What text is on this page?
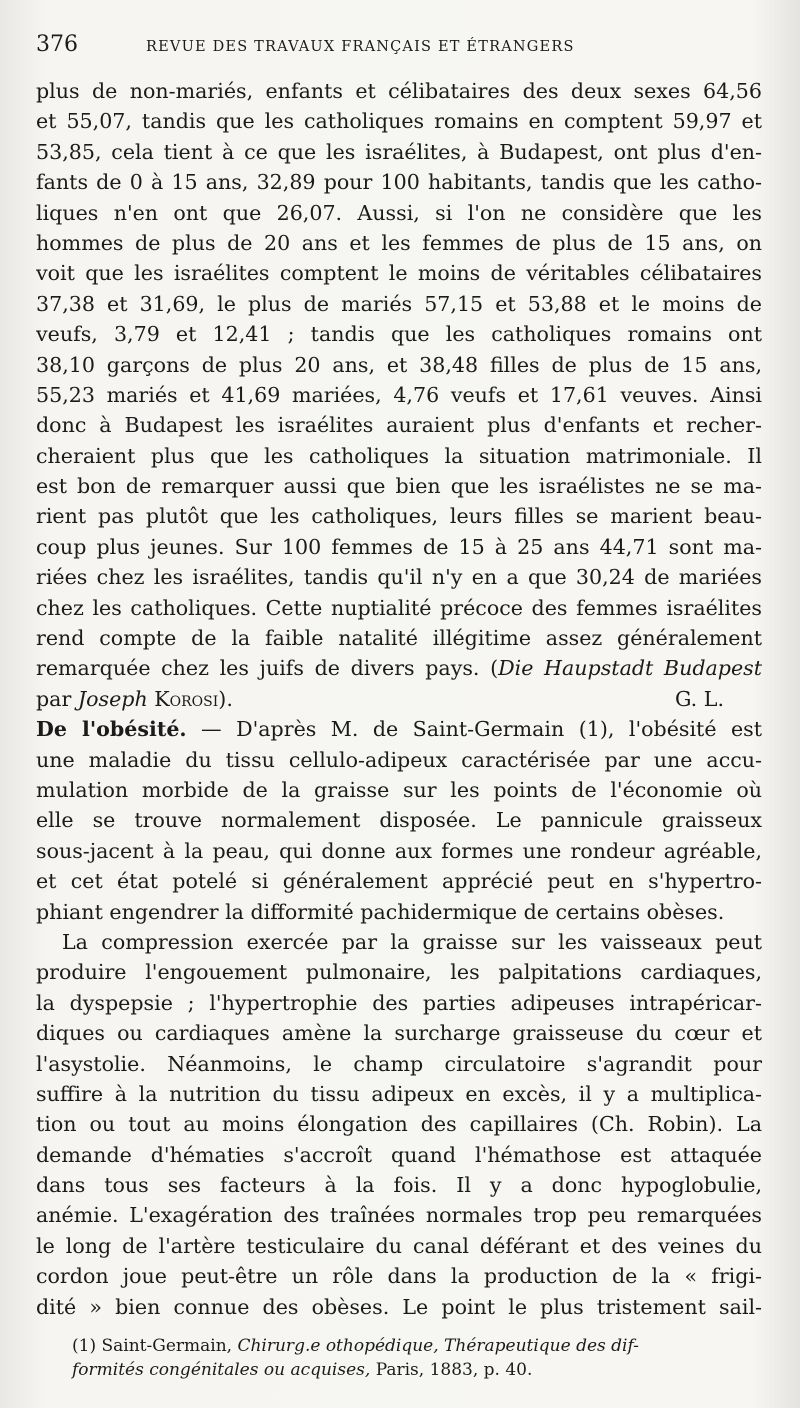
376	REVUE DES TRAVAUX FRANÇAIS ET ÉTRANGERS
plus de non-mariés, enfants et célibataires des deux sexes 64,56
et 55,07, tandis que les catholiques romains en comptent 59,97 et
53,85, cela tient à ce que les israélites, à Budapest, ont plus d'en-
fants de 0 à 15 ans, 32,89 pour 100 habitants, tandis que les catho-
liques n'en ont que 26,07. Aussi, si l'on ne considère que les
hommes de plus de 20 ans et les femmes de plus de 15 ans, on
voit que les israélites comptent le moins de véritables célibataires
37,38 et 31,69, le plus de mariés 57,15 et 53,88 et le moins de
veufs, 3,79 et 12,41 ; tandis que les catholiques romains ont
38,10 garçons de plus 20 ans, et 38,48 filles de plus de 15 ans,
55,23 mariés et 41,69 mariées, 4,76 veufs et 17,61 veuves. Ainsi
donc à Budapest les israélites auraient plus d'enfants et recher-
cheraient plus que les catholiques la situation matrimoniale. Il
est bon de remarquer aussi que bien que les israélistes ne se ma-
rient pas plutôt que les catholiques, leurs filles se marient beau-
coup plus jeunes. Sur 100 femmes de 15 à 25 ans 44,71 sont ma-
riées chez les israélites, tandis qu'il n'y en a que 30,24 de mariées
chez les catholiques. Cette nuptialité précoce des femmes israélites
rend compte de la faible natalité illégitime assez généralement
remarquée chez les juifs de divers pays. (Die Haupstadt Budapest
par Joseph Korosi).	G. L.
De l'obésité. — D'après M. de Saint-Germain (1), l'obésité est
une maladie du tissu cellulo-adipeux caractérisée par une accu-
mulation morbide de la graisse sur les points de l'économie où
elle se trouve normalement disposée. Le pannicule graisseux
sous-jacent à la peau, qui donne aux formes une rondeur agréable,
et cet état potelé si généralement apprécié peut en s'hypertro-
phiant engendrer la difformité pachidermique de certains obèses.
La compression exercée par la graisse sur les vaisseaux peut
produire l'engouement pulmonaire, les palpitations cardiaques,
la dyspepsie ; l'hypertrophie des parties adipeuses intrapéricar-
diques ou cardiaques amène la surcharge graisseuse du cœur et
l'asystolie. Néanmoins, le champ circulatoire s'agrandit pour
suffire à la nutrition du tissu adipeux en excès, il y a multiplica-
tion ou tout au moins élongation des capillaires (Ch. Robin). La
demande d'hématies s'accroît quand l'hémathose est attaquée
dans tous ses facteurs à la fois. Il y a donc hypoglobulie,
anémie. L'exagération des traînées normales trop peu remarquées
le long de l'artère testiculaire du canal déférant et des veines du
cordon joue peut-être un rôle dans la production de la « frigi-
dité » bien connue des obèses. Le point le plus tristement sail-
(1) Saint-Germain, Chirurg.e othopédique, Thérapeutique des dif-
formités congénitales ou acquises, Paris, 1883, p. 40.
